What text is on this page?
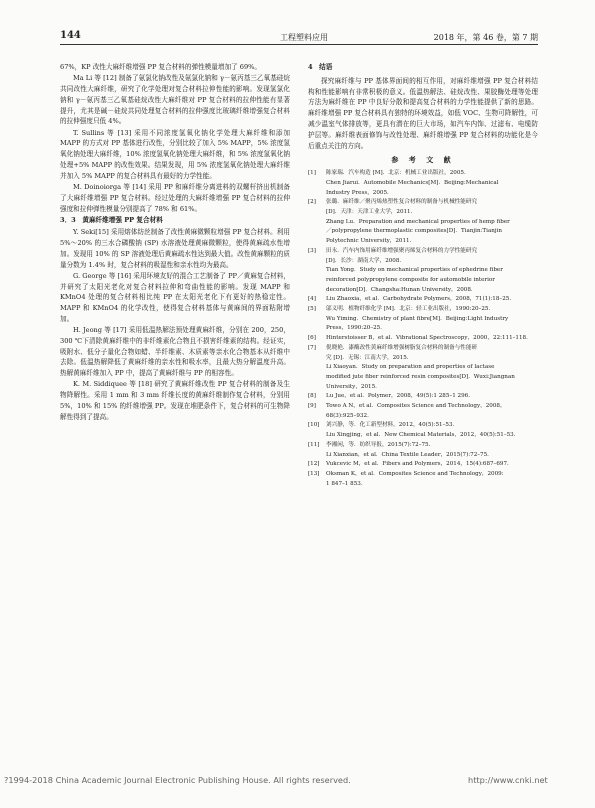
144	工程塑料应用	2018 年，第 46 卷，第 7 期

67%，KP 改性大麻纤维增强 PP 复合材料的弹性模量增加了 69%。

Ma Li 等 [12] 制备了氨氯化钠改性及氨氯化钠和 γ－氨丙基三乙氧基硅烷共同改性大麻纤维，研究了化学处理对复合材料拉伸性能的影响。发现氢氯化钠和 γ－氨丙基三乙氧基硅烷改性大麻纤维对 PP 复合材料的拉伸性能有显著提升，尤其是碱－硅烷共同处理复合材料的拉伸强度比玻璃纤维增强复合材料的拉伸强度只低 4%。

T. Sullins 等 [13] 采用不同浓度氢氧化钠化学处理大麻纤维和添加 MAPP 的方式对 PP 基体进行改性，分别比较了加入 5% MAPP，5% 浓度氢氧化钠处理大麻纤维，10% 浓度氢氧化钠处理大麻纤维，和 5% 浓度氢氧化钠处理+5% MAPP 的改性效果。结果发现，用 5% 浓度氢氧化钠处理大麻纤维并加入 5% MAPP 的复合材料具有最好的力学性能。

M. Doinoiorga 等 [14] 采用 PP 和麻纤维分离进料的双螺杆挤出机制备了大麻纤维增强 PP 复合材料。经过处理的大麻纤维增强 PP 复合材料的拉伸强度和拉伸弹性模量分别提高了 78% 和 61%。

3．3　黄麻纤维增强 PP 复合材料

Y. Seki[15] 采用熔体纺丝制备了改性黄麻微颗粒增强 PP 复合材料。利用 5%～20% 的三水合磷酸钠 (SP) 水溶液处理黄麻微颗粒，使得黄麻疏水性增加。发现用 10% 的 SP 溶液处理后黄麻疏水性达到最大值。改性黄麻颗粒的质量分数为 1.4% 时，复合材料的吸湿性和亲水性均为最高。

G. George 等 [16] 采用环境友好的混合工艺制备了 PP／黄麻复合材料，并研究了太阳光老化对复合材料拉伸和弯曲性能的影响。发现 MAPP 和 KMnO4 处理的复合材料相比纯 PP 在太阳光老化下有更好的热稳定性。MAPP 和 KMnO4 的化学改性，使得复合材料基体与黄麻间的界面粘附增加。

H. Jeong 等 [17] 采用低温热解法预处理黄麻纤维，分别在 200，250，300 ℃下清除黄麻纤维中的非纤维素化合物且不损害纤维素的结构。经证实，吸附水、低分子量化合物如蜡、半纤维素、木质素等亲水化合物基本从纤维中去除。低温热解降低了黄麻纤维的亲水性和吸水率，且最大热分解温度升高。热解黄麻纤维加入 PP 中，提高了黄麻纤维与 PP 的相容性。

K. M. Siddiquee 等 [18] 研究了黄麻纤维改性 PP 复合材料的制备及生物降解性。采用 1 mm 和 3 mm 纤维长度的黄麻纤维制作复合材料，分别用 5%，10% 和 15% 的纤维增强 PP。发现在堆肥条件下，复合材料的可生物降解性得到了提高。

4　结语

探究麻纤维与 PP 基体界面间的相互作用，对麻纤维增强 PP 复合材料结构和性能影响有非常积极的意义。低温热解法、硅烷改性、果胶酶处理等处理方法为麻纤维在 PP 中良好分散和提高复合材料的力学性能提供了新的思路。麻纤维增强 PP 复合材料具有独特的环境效益，如低 VOC、生物可降解性，可减少温室气体排放等，更具有潜在的巨大市场，如汽车内饰、过滤布、电缆防护层等。麻纤维表面修饰与改性处理、麻纤维增强 PP 复合材料的功能化是今后重点关注的方向。

参 考 文 献
[1]	陈家瑞．汽车构造 [M]．北京：机械工业出版社，2005．
Chen Jiarui．Automobile Mechanics[M]．Beijing:Mechanical
Industry Press，2005．
[2]	张璐．麻纤维／聚丙烯热塑性复合材料的制备与机械性能研究
[D]．天津：天津工业大学，2011．
Zhang Lu．Preparation and mechanical properties of hemp fiber
／polypropylene thermoplastic composites[D]．Tianjin:Tianjin
Polytechnic University，2011．
[3]	田永．汽车内饰用麻纤维增强聚丙烯复合材料的力学性能研究
[D]．长沙：湖南大学，2008．
Tian Yong．Study on mechanical properties of ephedrine fiber
reinforced polypropylene composite for automobile interior
decoration[D]．Changsha:Hunan University，2008．
[4]	Liu Zhaoxia，et al．Carbohydrate Polymers，2008，71(1):18–25．
[5]	邬义明．植物纤维化学 [M]．北京：轻工业出版社，1990:20–25．
Wu Yiming．Chemistry of plant fibre[M]．Beijing:Light Industry
Press，1990:20–25．
[6]	Hinterstoisser B，et al．Vibrational Spectroscopy，2000，22:111–118．
[7]	倪晓艳．漆酶改性黄麻纤维增强树脂复合材料的制备与性能研
究 [D]．无锡：江南大学，2015．
Li Xiaoyan．Study on preparation and properties of lactase
modified jute fiber reinforced resin composites[D]．Wuxi:Jiangnan
University，2015．
[8]	Lu Jue，et al．Polymer，2008，49(5):1 285–1 296．
[9]	Towo A N，et al．Composites Science and Technology，2008，
68(3):925–932．
[10]	刘兴静，等．化工新型材料，2012，40(5):51–53．
Liu Xingjing，et al．New Chemical Materials，2012，40(5):51–53．
[11]	李湘闲，等．纺织导报，2015(7):72–75．
Li Xianxian，et al．China Textile Leader，2015(7):72–75．
[12]	Vukcevic M，et al．Fibers and Polymers，2014，15(4):687–697．
[13]	Oksman K，et al．Composites Science and Technology，2009:
1 847–1 853．
?1994-2018 China Academic Journal Electronic Publishing House. All rights reserved.	http://www.cnki.net
